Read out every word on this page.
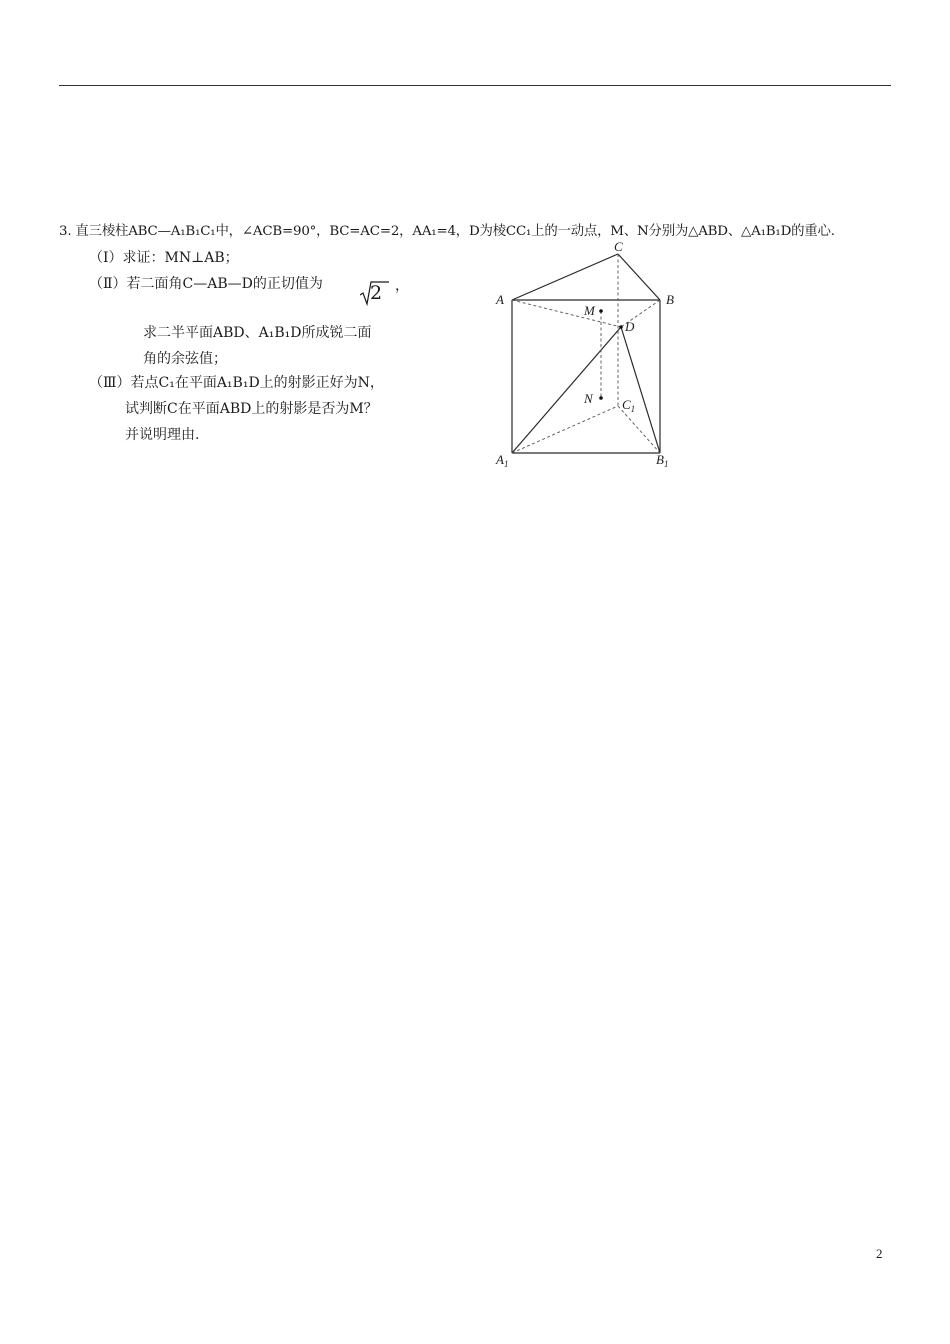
3. 直三棱柱ABC—A₁B₁C₁中，∠ACB=90°，BC=AC=2，AA₁=4，D为棱CC₁上的一动点，M、N分别为△ABD、△A₁B₁D的重心.
（Ⅰ）求证：MN⊥AB；
（Ⅱ）若二面角C—AB—D的正切值为 2 ，
求二半平面ABD、A₁B₁D所成锐二面
角的余弦值；
（Ⅲ）若点C₁在平面A₁B₁D上的射影正好为N，
试判断C在平面ABD上的射影是否为M？
并说明理由.
C
A	B
M
D
N $C_1$
$A_1$	$B_1$
2
